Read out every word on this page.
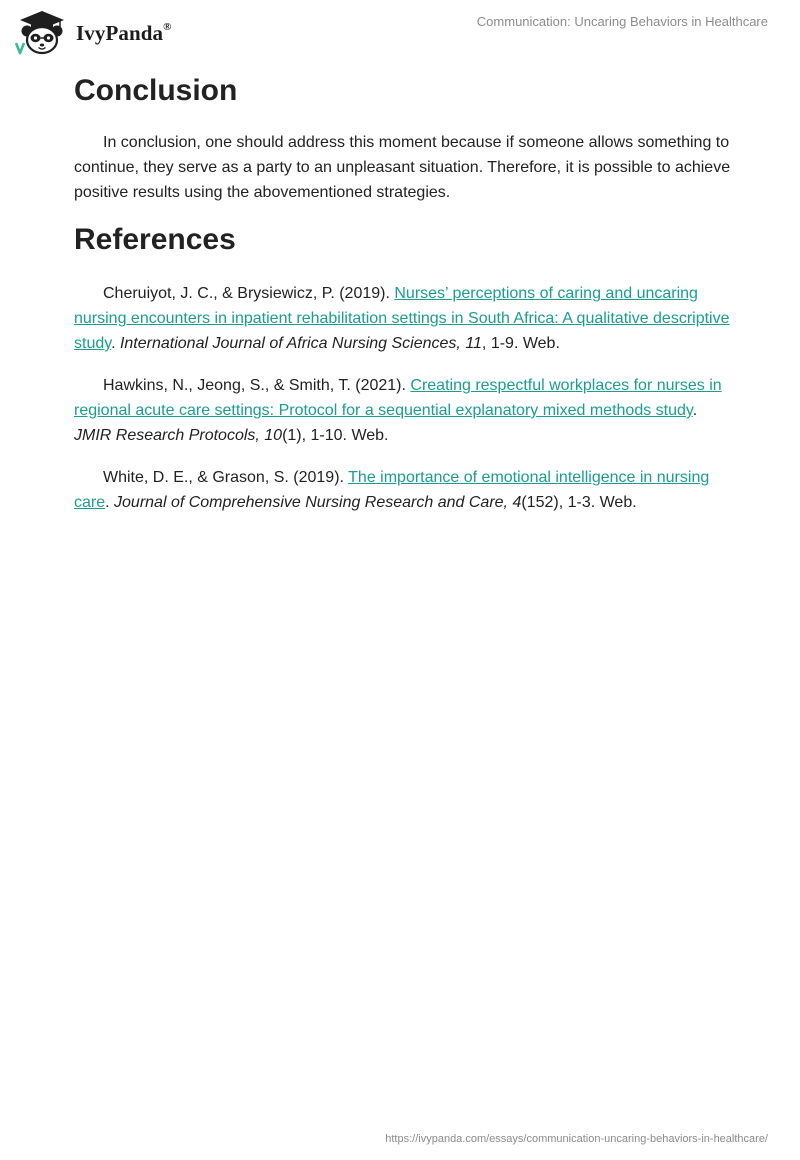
IvyPanda®	Communication: Uncaring Behaviors in Healthcare
Conclusion

In conclusion, one should address this moment because if someone allows something to continue, they serve as a party to an unpleasant situation. Therefore, it is possible to achieve positive results using the abovementioned strategies.

References

Cheruiyot, J. C., & Brysiewicz, P. (2019). Nurses’ perceptions of caring and uncaring nursing encounters in inpatient rehabilitation settings in South Africa: A qualitative descriptive study. International Journal of Africa Nursing Sciences, 11, 1-9. Web.

Hawkins, N., Jeong, S., & Smith, T. (2021). Creating respectful workplaces for nurses in regional acute care settings: Protocol for a sequential explanatory mixed methods study. JMIR Research Protocols, 10(1), 1-10. Web.

White, D. E., & Grason, S. (2019). The importance of emotional intelligence in nursing care. Journal of Comprehensive Nursing Research and Care, 4(152), 1-3. Web.

https://ivypanda.com/essays/communication-uncaring-behaviors-in-healthcare/
